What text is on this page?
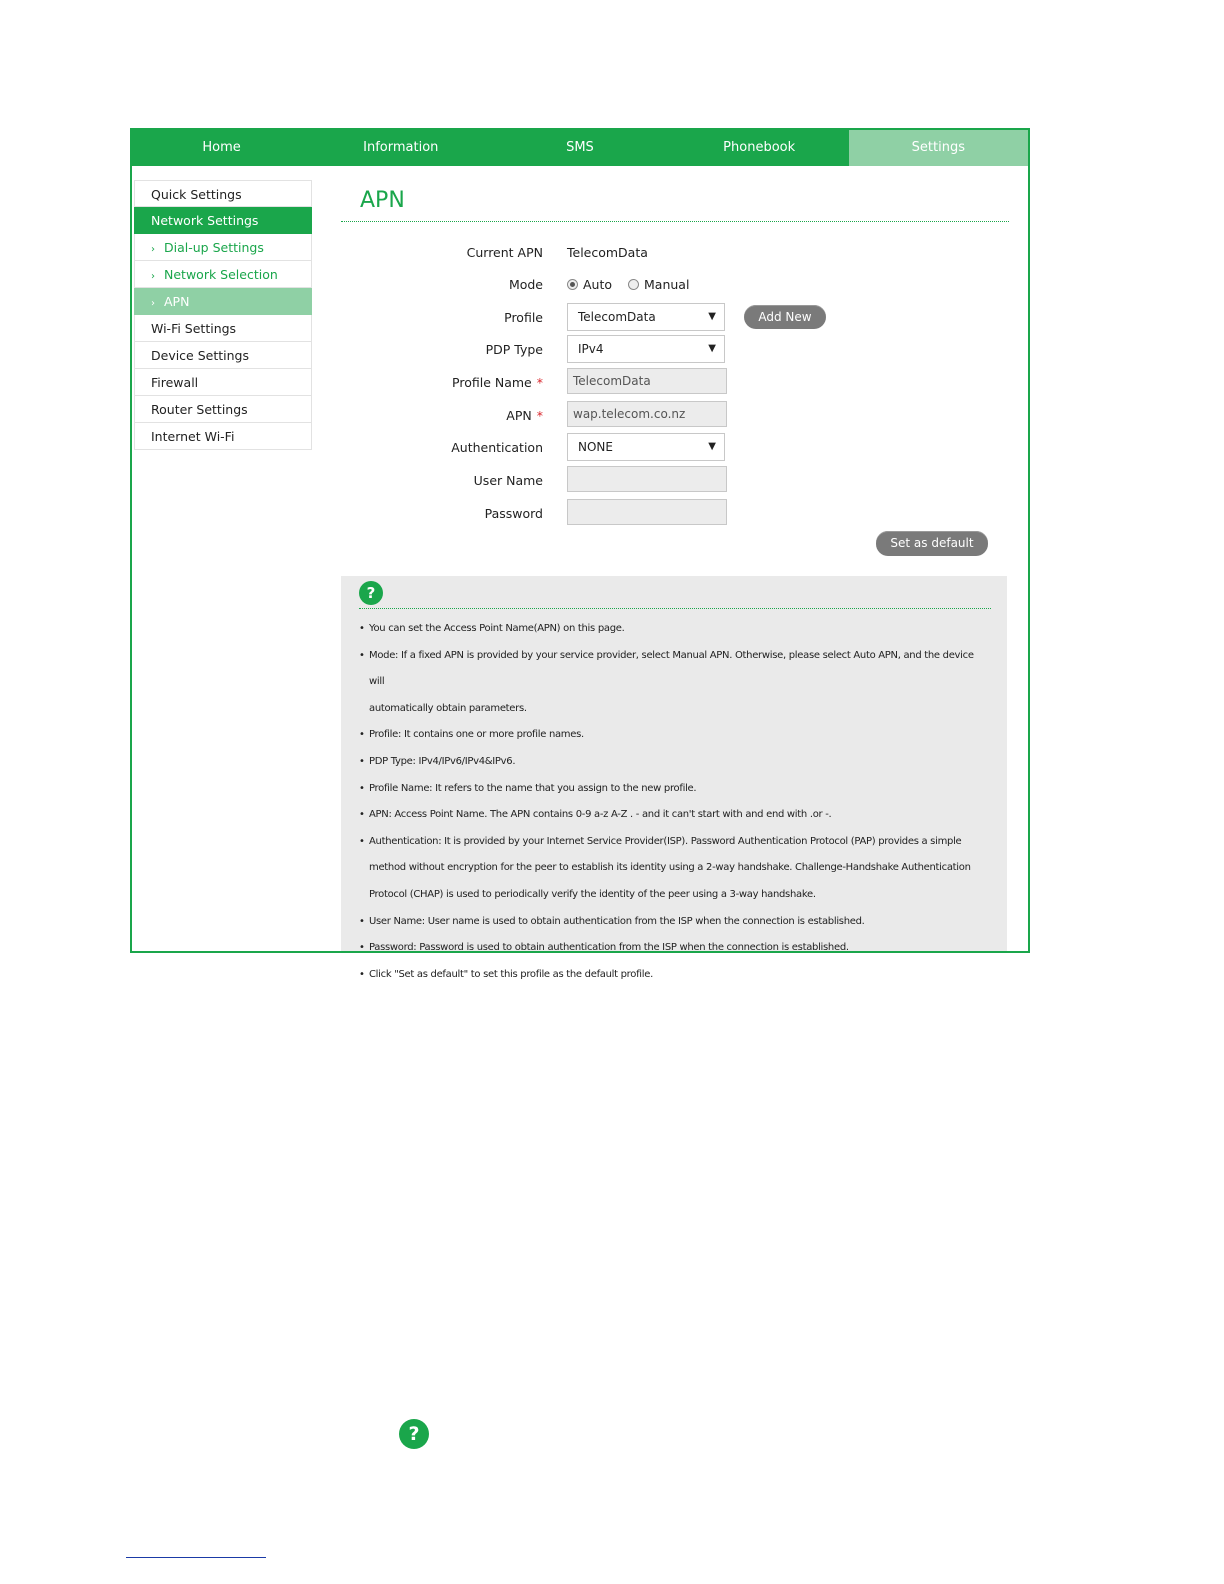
Home	Information	SMS	Phonebook	Settings
Quick Settings
Network Settings
› Dial-up Settings
› Network Selection
› APN
Wi-Fi Settings
Device Settings
Firewall
Router Settings
Internet Wi-Fi
APN
Current APN TelecomData
Mode	Auto	Manual
Profile	TelecomData	▼	Add New
PDP Type	IPv4	▼
Profile Name *	TelecomData
APN *	wap.telecom.co.nz
Authentication	NONE	▼
User Name
Password
Set as default
?
• You can set the Access Point Name(APN) on this page.
• Mode: If a fixed APN is provided by your service provider, select Manual APN. Otherwise, please select Auto APN, and the device will
automatically obtain parameters.
• Profile: It contains one or more profile names.
• PDP Type: IPv4/IPv6/IPv4&IPv6.
• Profile Name: It refers to the name that you assign to the new profile.
• APN: Access Point Name. The APN contains 0-9 a-z A-Z . - and it can't start with and end with .or -.
• Authentication: It is provided by your Internet Service Provider(ISP). Password Authentication Protocol (PAP) provides a simple
method without encryption for the peer to establish its identity using a 2-way handshake. Challenge-Handshake Authentication
Protocol (CHAP) is used to periodically verify the identity of the peer using a 3-way handshake.
• User Name: User name is used to obtain authentication from the ISP when the connection is established.
• Password: Password is used to obtain authentication from the ISP when the connection is established.
• Click "Set as default" to set this profile as the default profile.
?
